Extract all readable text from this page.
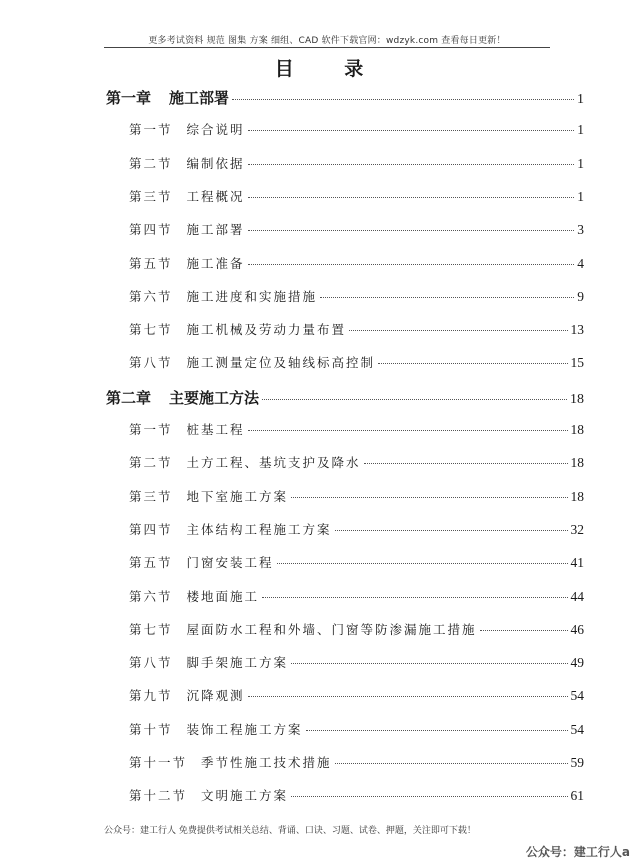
更多考试资料 规范 图集 方案 细组、CAD 软件下载官网：wdzyk.com 查看每日更新！
目 录
第一章 施工部署	1
第一节 综合说明	1
第二节 编制依据	1
第三节 工程概况	1
第四节 施工部署	3
第五节 施工准备	4
第六节 施工进度和实施措施	9
第七节 施工机械及劳动力量布置	13
第八节 施工测量定位及轴线标高控制	15
第二章 主要施工方法	18
第一节 桩基工程	18
第二节 土方工程、基坑支护及降水	18
第三节 地下室施工方案	18
第四节 主体结构工程施工方案	32
第五节 门窗安装工程	41
第六节 楼地面施工	44
第七节 屋面防水工程和外墙、门窗等防渗漏施工措施	46
第八节 脚手架施工方案	49
第九节 沉降观测	54
第十节 装饰工程施工方案	54
第十一节 季节性施工技术措施	59
第十二节 文明施工方案	61
公众号：建工行人 免费提供考试相关总结、背诵、口诀、习题、试卷、押题，关注即可下载！
公众号：建工行人a
